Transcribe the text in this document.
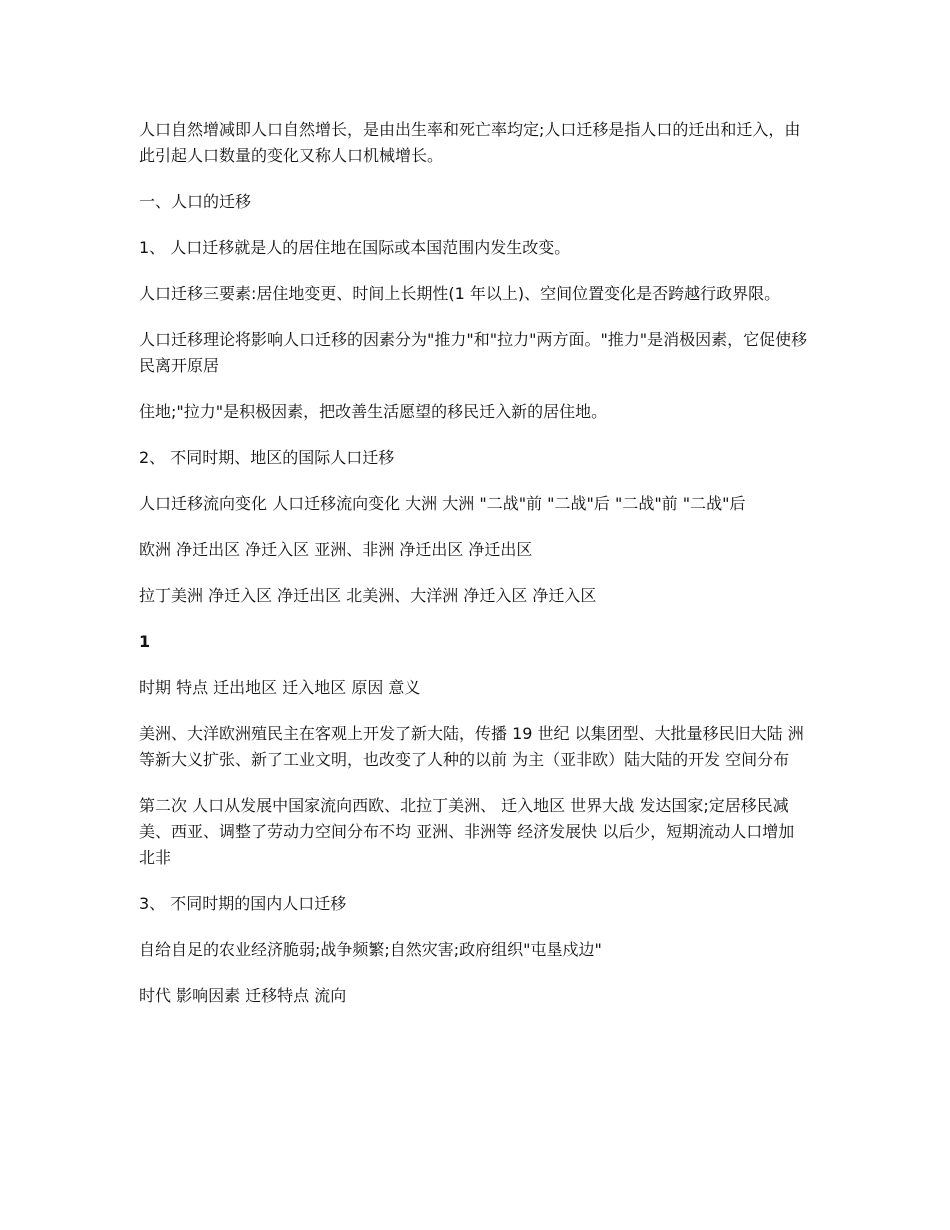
人口自然增减即人口自然增长，是由出生率和死亡率均定;人口迁移是指人口的迁出和迁入，由此引起人口数量的变化又称人口机械增长。

一、人口的迁移

1、 人口迁移就是人的居住地在国际或本国范围内发生改变。

人口迁移三要素:居住地变更、时间上长期性(1 年以上)、空间位置变化是否跨越行政界限。

人口迁移理论将影响人口迁移的因素分为"推力"和"拉力"两方面。"推力"是消极因素，它促使移民离开原居

住地;"拉力"是积极因素，把改善生活愿望的移民迁入新的居住地。

2、 不同时期、地区的国际人口迁移

人口迁移流向变化 人口迁移流向变化 大洲 大洲 "二战"前 "二战"后 "二战"前 "二战"后

欧洲 净迁出区 净迁入区 亚洲、非洲 净迁出区 净迁出区

拉丁美洲 净迁入区 净迁出区 北美洲、大洋洲 净迁入区 净迁入区

1

时期 特点 迁出地区 迁入地区 原因 意义

美洲、大洋欧洲殖民主在客观上开发了新大陆，传播 19 世纪 以集团型、大批量移民旧大陆 洲等新大义扩张、新了工业文明，也改变了人种的以前 为主（亚非欧）陆大陆的开发 空间分布

第二次 人口从发展中国家流向西欧、北拉丁美洲、 迁入地区 世界大战 发达国家;定居移民减美、西亚、调整了劳动力空间分布不均 亚洲、非洲等 经济发展快 以后少，短期流动人口增加 北非

3、 不同时期的国内人口迁移

自给自足的农业经济脆弱;战争频繁;自然灾害;政府组织"屯垦戍边"

时代 影响因素 迁移特点 流向
